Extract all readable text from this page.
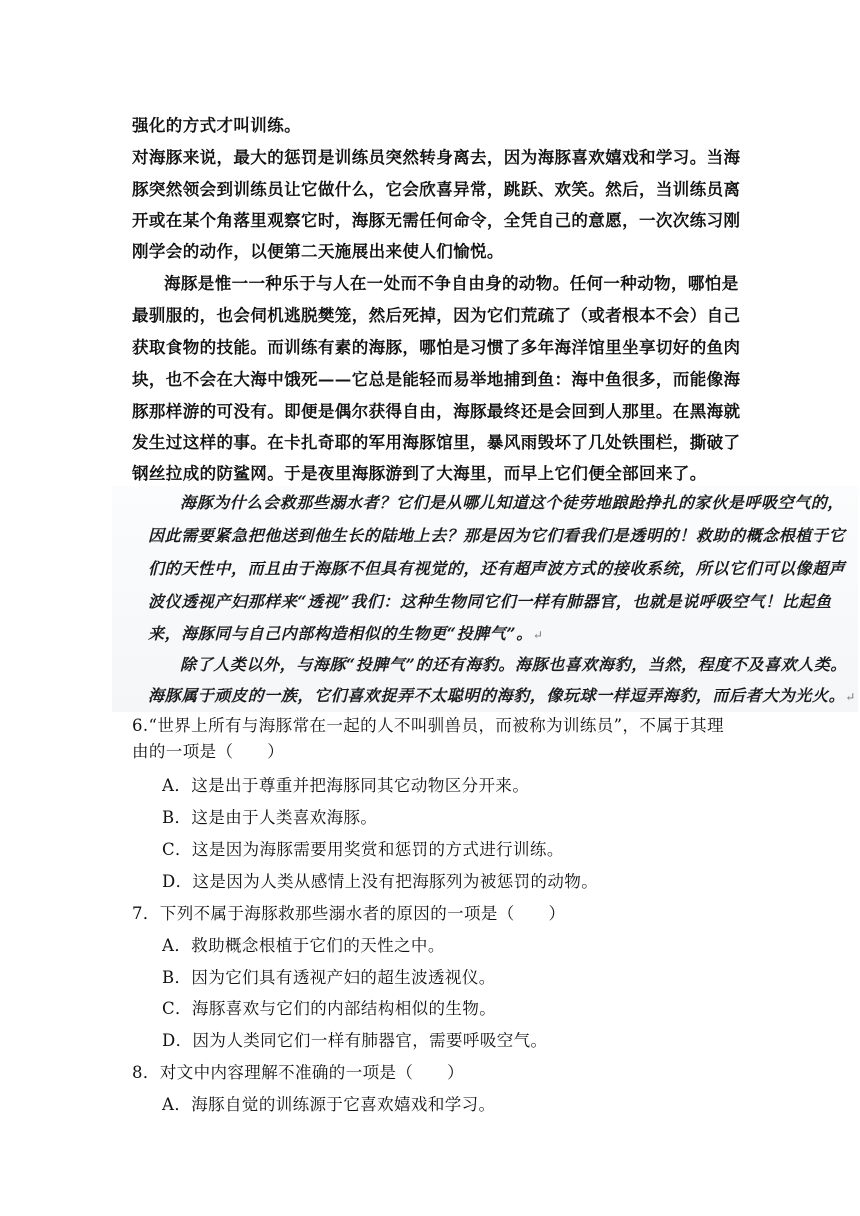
强化的方式才叫训练。
对海豚来说，最大的惩罚是训练员突然转身离去，因为海豚喜欢嬉戏和学习。当海
豚突然领会到训练员让它做什么，它会欣喜异常，跳跃、欢笑。然后，当训练员离
开或在某个角落里观察它时，海豚无需任何命令，全凭自己的意愿，一次次练习刚
刚学会的动作，以便第二天施展出来使人们愉悦。
海豚是惟一一种乐于与人在一处而不争自由身的动物。任何一种动物，哪怕是
最驯服的，也会伺机逃脱樊笼，然后死掉，因为它们荒疏了（或者根本不会）自己
获取食物的技能。而训练有素的海豚，哪怕是习惯了多年海洋馆里坐享切好的鱼肉
块，也不会在大海中饿死——它总是能轻而易举地捕到鱼：海中鱼很多，而能像海
豚那样游的可没有。即便是偶尔获得自由，海豚最终还是会回到人那里。在黑海就
发生过这样的事。在卡扎奇耶的军用海豚馆里，暴风雨毁坏了几处铁围栏，撕破了
钢丝拉成的防鲨网。于是夜里海豚游到了大海里，而早上它们便全部回来了。
海豚为什么会救那些溺水者？它们是从哪儿知道这个徒劳地踉跄挣扎的家伙是呼吸空气的，
因此需要紧急把他送到他生长的陆地上去？那是因为它们看我们是透明的！救助的概念根植于它
们的天性中，而且由于海豚不但具有视觉的，还有超声波方式的接收系统，所以它们可以像超声
波仪透视产妇那样来“透视”我们：这种生物同它们一样有肺器官，也就是说呼吸空气！比起鱼
来，海豚同与自己内部构造相似的生物更“投脾气”。↵
除了人类以外，与海豚“投脾气”的还有海豹。海豚也喜欢海豹，当然，程度不及喜欢人类。
海豚属于顽皮的一族，它们喜欢捉弄不太聪明的海豹，像玩球一样逗弄海豹，而后者大为光火。↵
6.“世界上所有与海豚常在一起的人不叫驯兽员，而被称为训练员”，不属于其理
由的一项是（　　）
A．这是出于尊重并把海豚同其它动物区分开来。
B．这是由于人类喜欢海豚。
C．这是因为海豚需要用奖赏和惩罚的方式进行训练。
D．这是因为人类从感情上没有把海豚列为被惩罚的动物。
7．下列不属于海豚救那些溺水者的原因的一项是（　　）
A．救助概念根植于它们的天性之中。
B．因为它们具有透视产妇的超生波透视仪。
C．海豚喜欢与它们的内部结构相似的生物。
D．因为人类同它们一样有肺器官，需要呼吸空气。
8．对文中内容理解不准确的一项是（　　）
A．海豚自觉的训练源于它喜欢嬉戏和学习。
